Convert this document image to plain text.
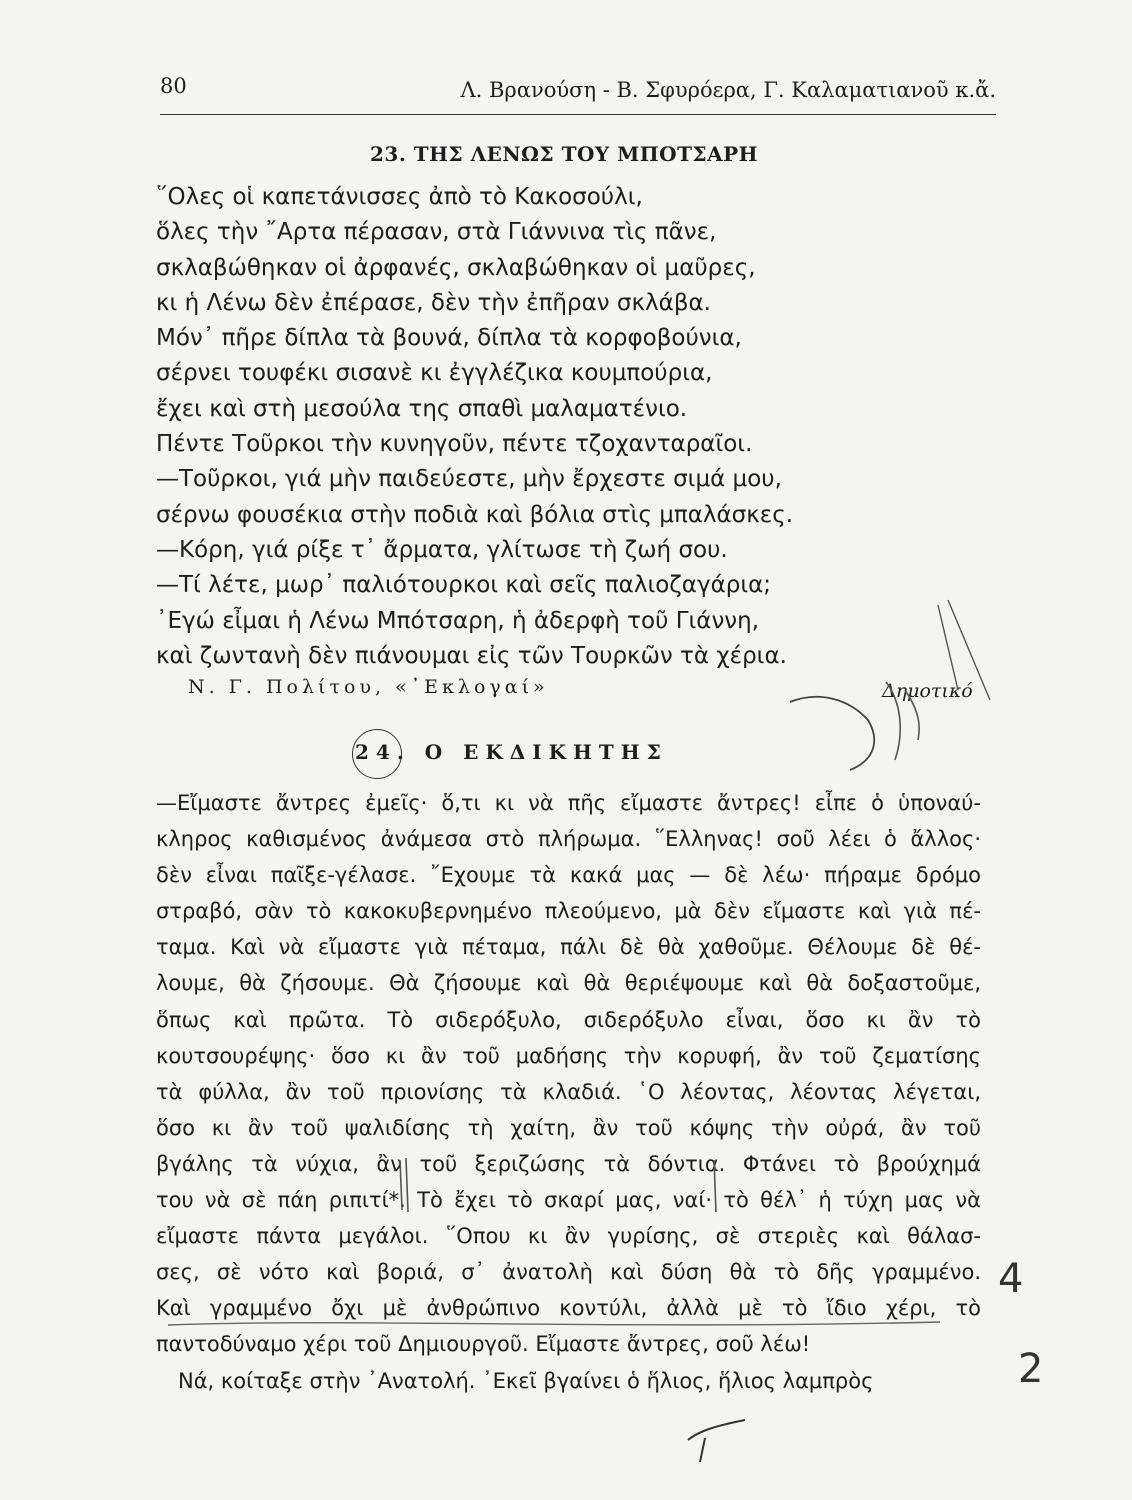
80	Λ. Βρανούση - Β. Σφυρόερα, Γ. Καλαματιανοῦ κ.ἄ.
23. ΤΗΣ ΛΕΝΩΣ ΤΟΥ ΜΠΟΤΣΑΡΗ
῞Ολες οἱ καπετάνισσες ἀπὸ τὸ Κακοσούλι,
ὅλες τὴν ῎Αρτα πέρασαν, στὰ Γιάννινα τὶς πᾶνε,
σκλαβώθηκαν οἱ ἀρφανές, σκλαβώθηκαν οἱ μαῦρες,
κι ἡ Λένω δὲν ἐπέρασε, δὲν τὴν ἐπῆραν σκλάβα.
Μόν᾽ πῆρε δίπλα τὰ βουνά, δίπλα τὰ κορφοβούνια,
σέρνει τουφέκι σισανὲ κι ἐγγλέζικα κουμπούρια,
ἔχει καὶ στὴ μεσούλα της σπαθὶ μαλαματένιο.
Πέντε Τοῦρκοι τὴν κυνηγοῦν, πέντε τζοχανταραῖοι.
—Τοῦρκοι, γιά μὴν παιδεύεστε, μὴν ἔρχεστε σιμά μου,
σέρνω φουσέκια στὴν ποδιὰ καὶ βόλια στὶς μπαλάσκες.
—Κόρη, γιά ρίξε τ᾽ ἄρματα, γλίτωσε τὴ ζωή σου.
—Τί λέτε, μωρ᾽ παλιότουρκοι καὶ σεῖς παλιοζαγάρια;
᾽Εγώ εἶμαι ἡ Λένω Μπότσαρη, ἡ ἀδερφὴ τοῦ Γιάννη,
καὶ ζωντανὴ δὲν πιάνουμαι εἰς τῶν Τουρκῶν τὰ χέρια.
Ν. Γ. Πολίτου, «᾽Εκλογαί»	Δημοτικό
24. Ο ΕΚΔΙΚΗΤΗΣ
—Εἴμαστε ἄντρες ἐμεῖς· ὅ,τι κι νὰ πῆς εἴμαστε ἄντρες! εἶπε ὁ ὑποναύ-
κληρος καθισμένος ἀνάμεσα στὸ πλήρωμα. ῞Ελληνας! σοῦ λέει ὁ ἄλλος·
δὲν εἶναι παῖξε-γέλασε. ῎Εχουμε τὰ κακά μας — δὲ λέω· πήραμε δρόμο
στραβό, σὰν τὸ κακοκυβερνημένο πλεούμενο, μὰ δὲν εἴμαστε καὶ γιὰ πέ-
ταμα. Καὶ νὰ εἴμαστε γιὰ πέταμα, πάλι δὲ θὰ χαθοῦμε. Θέλουμε δὲ θέ-
λουμε, θὰ ζήσουμε. Θὰ ζήσουμε καὶ θὰ θεριέψουμε καὶ θὰ δοξαστοῦμε,
ὅπως καὶ πρῶτα. Τὸ σιδερόξυλο, σιδερόξυλο εἶναι, ὅσο κι ἂν τὸ
κουτσουρέψης· ὅσο κι ἂν τοῦ μαδήσης τὴν κορυφή, ἂν τοῦ ζεματίσης
τὰ φύλλα, ἂν τοῦ πριονίσης τὰ κλαδιά. ῾Ο λέοντας, λέοντας λέγεται,
ὅσο κι ἂν τοῦ ψαλιδίσης τὴ χαίτη, ἂν τοῦ κόψης τὴν οὐρά, ἂν τοῦ
βγάλης τὰ νύχια, ἂν τοῦ ξεριζώσης τὰ δόντια. Φτάνει τὸ βρούχημά
του νὰ σὲ πάη ριπιτί*. Τὸ ἔχει τὸ σκαρί μας, ναί· τὸ θέλ᾽ ἡ τύχη μας νὰ
εἴμαστε πάντα μεγάλοι. ῞Οπου κι ἂν γυρίσης, σὲ στεριὲς καὶ θάλασ-
σες, σὲ νότο καὶ βοριά, σ᾽ ἀνατολὴ καὶ δύση θὰ τὸ δῆς γραμμένο.
Καὶ γραμμένο ὄχι μὲ ἀνθρώπινο κοντύλι, ἀλλὰ μὲ τὸ ἴδιο χέρι, τὸ
παντοδύναμο χέρι τοῦ Δημιουργοῦ. Εἴμαστε ἄντρες, σοῦ λέω!
Νά, κοίταξε στὴν ᾽Ανατολή. ᾽Εκεῖ βγαίνει ὁ ἥλιος, ἥλιος λαμπρὸς
4
2
